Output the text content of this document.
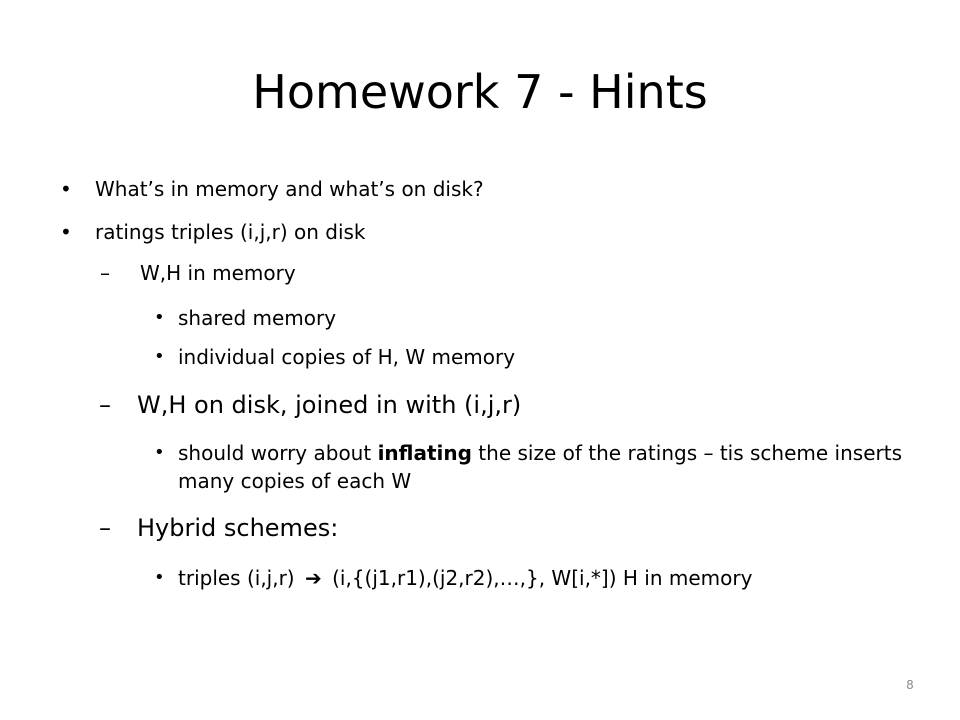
Homework 7 - Hints
• What’s in memory and what’s on disk?
• ratings triples (i,j,r) on disk
– W,H in memory
• shared memory
• individual copies of H, W memory
– W,H on disk, joined in with (i,j,r)
• should worry about inflating the size of the ratings – tis scheme inserts many copies of each W
– Hybrid schemes:
• triples (i,j,r) ➔ (i,{(j1,r1),(j2,r2),…,}, W[i,*]) H in memory
8
